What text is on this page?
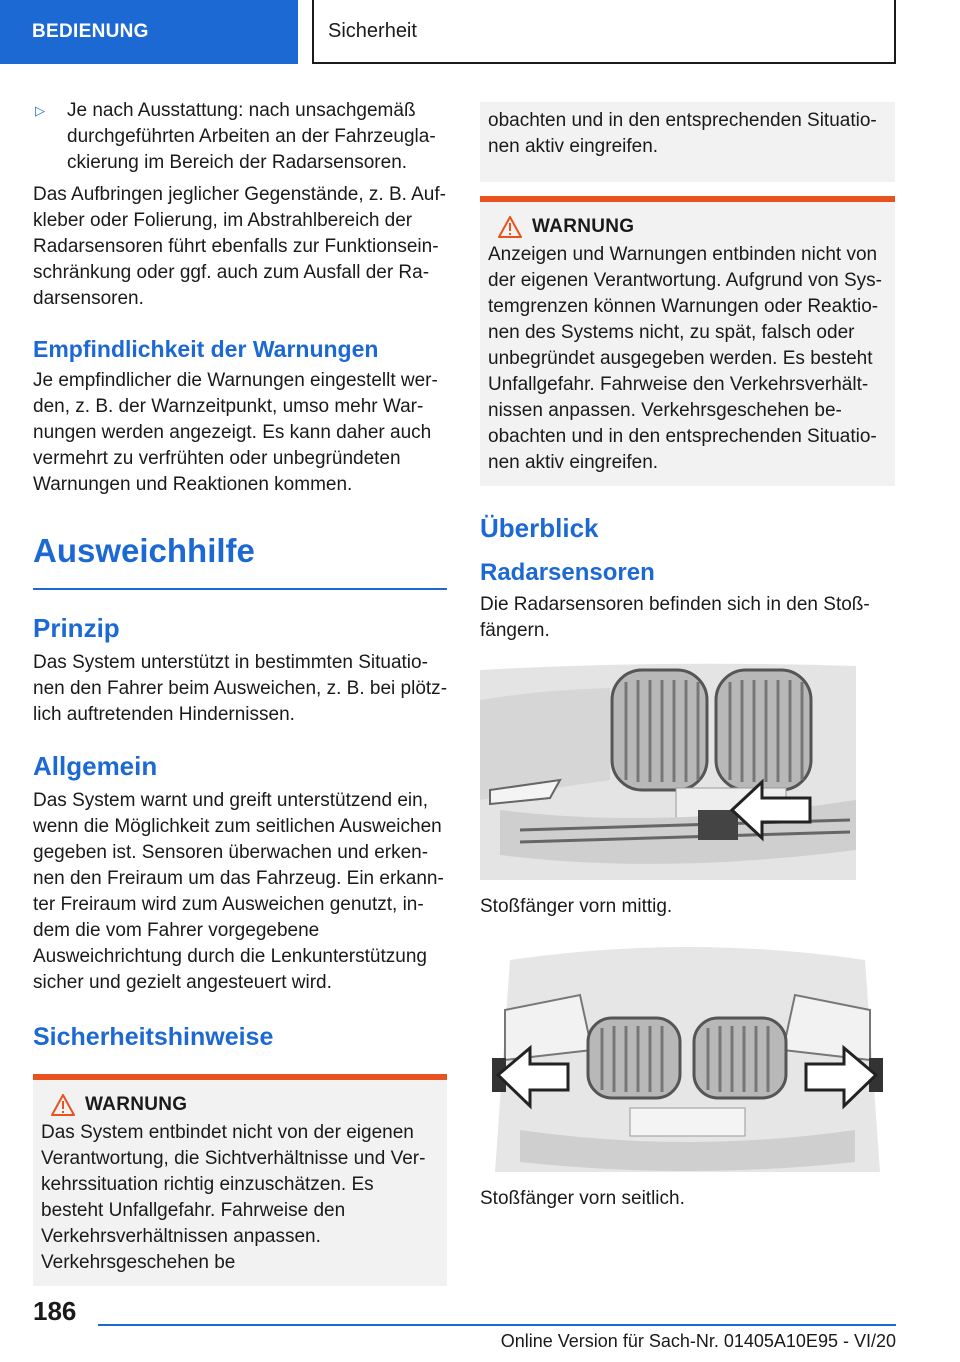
BEDIENUNG	Sicherheit
▷	Je nach Ausstattung: nach unsachgemäß durchgeführten Arbeiten an der Fahrzeuglackierung im Bereich der Radarsensoren.

Das Aufbringen jeglicher Gegenstände, z. B. Aufkleber oder Folierung, im Abstrahlbereich der Radarsensoren führt ebenfalls zur Funktionseinschränkung oder ggf. auch zum Ausfall der Radarsensoren.

Empfindlichkeit der Warnungen

Je empfindlicher die Warnungen eingestellt werden, z. B. der Warnzeitpunkt, umso mehr Warnungen werden angezeigt. Es kann daher auch vermehrt zu verfrühten oder unbegründeten Warnungen und Reaktionen kommen.

Ausweichhilfe
Prinzip

Das System unterstützt in bestimmten Situationen den Fahrer beim Ausweichen, z. B. bei plötzlich auftretenden Hindernissen.

Allgemein

Das System warnt und greift unterstützend ein, wenn die Möglichkeit zum seitlichen Ausweichen gegeben ist. Sensoren überwachen und erkennen den Freiraum um das Fahrzeug. Ein erkannter Freiraum wird zum Ausweichen genutzt, indem die vom Fahrer vorgegebene Ausweichrichtung durch die Lenkunterstützung sicher und gezielt angesteuert wird.

Sicherheitshinweise
WARNUNG

Das System entbindet nicht von der eigenen Verantwortung, die Sichtverhältnisse und Verkehrssituation richtig einzuschätzen. Es besteht Unfallgefahr. Fahrweise den Verkehrsverhältnissen anpassen. Verkehrsgeschehen be

obachten und in den entsprechenden Situationen aktiv eingreifen.

WARNUNG

Anzeigen und Warnungen entbinden nicht von der eigenen Verantwortung. Aufgrund von Systemgrenzen können Warnungen oder Reaktionen des Systems nicht, zu spät, falsch oder unbegründet ausgegeben werden. Es besteht Unfallgefahr. Fahrweise den Verkehrsverhältnissen anpassen. Verkehrsgeschehen beobachten und in den entsprechenden Situationen aktiv eingreifen.

Überblick
Radarsensoren

Die Radarsensoren befinden sich in den Stoßfängern.

Stoßfänger vorn mittig.
Stoßfänger vorn seitlich.
186
Online Version für Sach-Nr. 01405A10E95 - VI/20
